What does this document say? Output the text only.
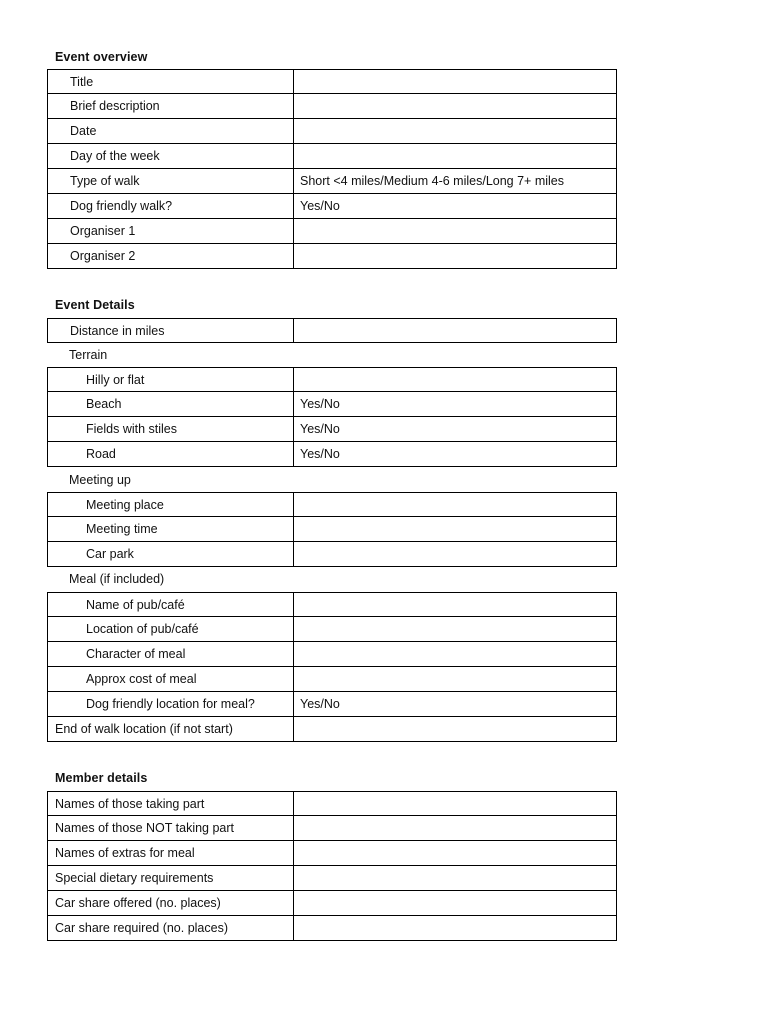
Event overview
Title
Brief description
Date
Day of the week
Type of walk	Short <4 miles/Medium 4-6 miles/Long 7+ miles
Dog friendly walk?	Yes/No
Organiser 1
Organiser 2
Event Details
Distance in miles
Terrain
Hilly or flat
Beach	Yes/No
Fields with stiles	Yes/No
Road	Yes/No
Meeting up
Meeting place
Meeting time
Car park
Meal (if included)
Name of pub/café
Location of pub/café
Character of meal
Approx cost of meal
Dog friendly location for meal?	Yes/No
End of walk location (if not start)
Member details
Names of those taking part
Names of those NOT taking part
Names of extras for meal
Special dietary requirements
Car share offered (no. places)
Car share required (no. places)
